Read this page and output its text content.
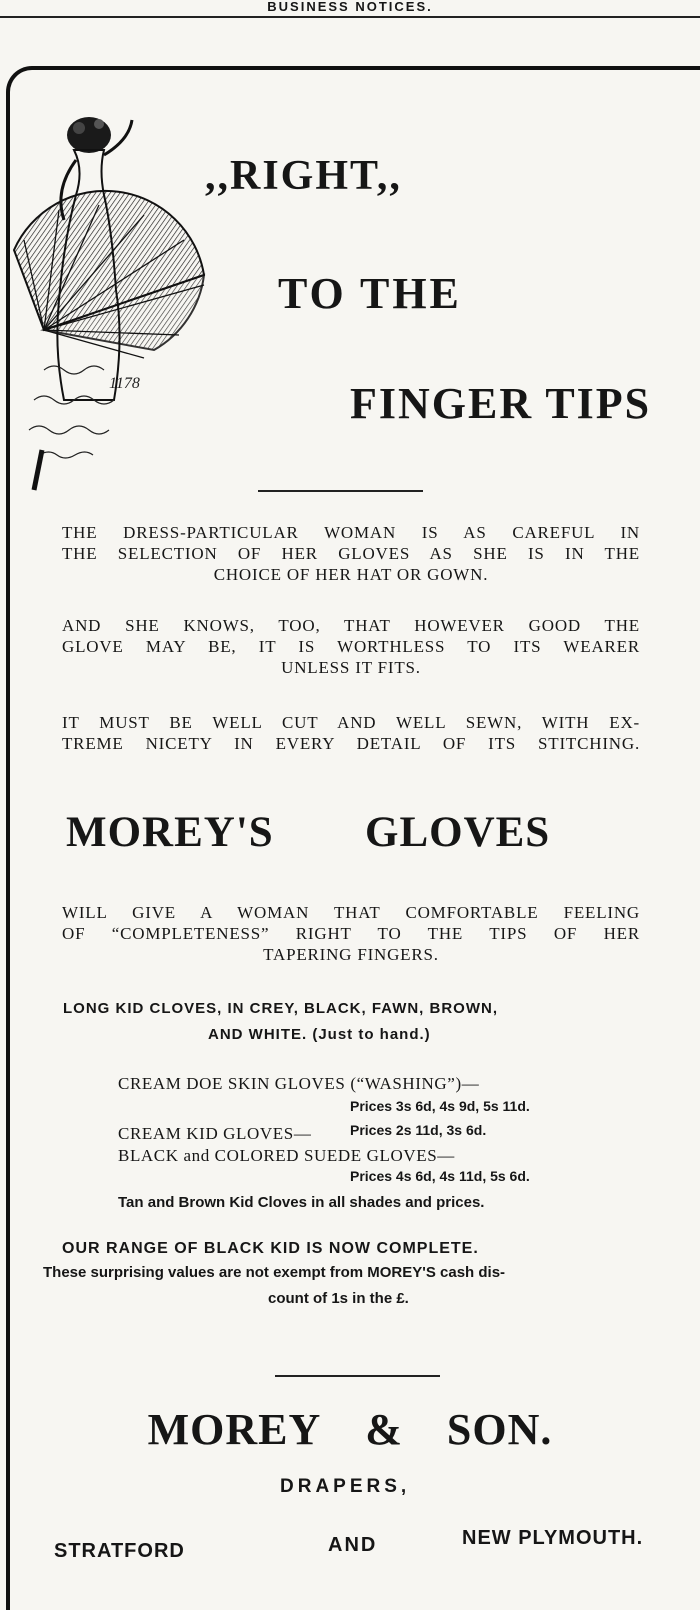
BUSINESS NOTICES.
1178
,,RIGHT,,
TO THE
FINGER TIPS
THE DRESS-PARTICULAR WOMAN IS AS CAREFUL IN
THE SELECTION OF HER GLOVES AS SHE IS IN THE
CHOICE OF HER HAT OR GOWN.
AND SHE KNOWS, TOO, THAT HOWEVER GOOD THE
GLOVE MAY BE, IT IS WORTHLESS TO ITS WEARER
UNLESS IT FITS.
IT MUST BE WELL CUT AND WELL SEWN, WITH EX-
TREME NICETY IN EVERY DETAIL OF ITS STITCHING.
MOREY'S GLOVES
WILL GIVE A WOMAN THAT COMFORTABLE FEELING
OF “COMPLETENESS” RIGHT TO THE TIPS OF HER
TAPERING FINGERS.
LONG KID CLOVES, IN CREY, BLACK, FAWN, BROWN,
AND WHITE. (Just to hand.)
CREAM DOE SKIN GLOVES (“WASHING”)—
Prices 3s 6d, 4s 9d, 5s 11d.
CREAM KID GLOVES—	Prices 2s 11d, 3s 6d.
BLACK and COLORED SUEDE GLOVES—
Prices 4s 6d, 4s 11d, 5s 6d.
Tan and Brown Kid Cloves in all shades and prices.
OUR RANGE OF BLACK KID IS NOW COMPLETE.
These surprising values are not exempt from MOREY'S cash dis-
count of 1s in the £.
MOREY & SON.
DRAPERS,
STRATFORD	AND	NEW PLYMOUTH.
